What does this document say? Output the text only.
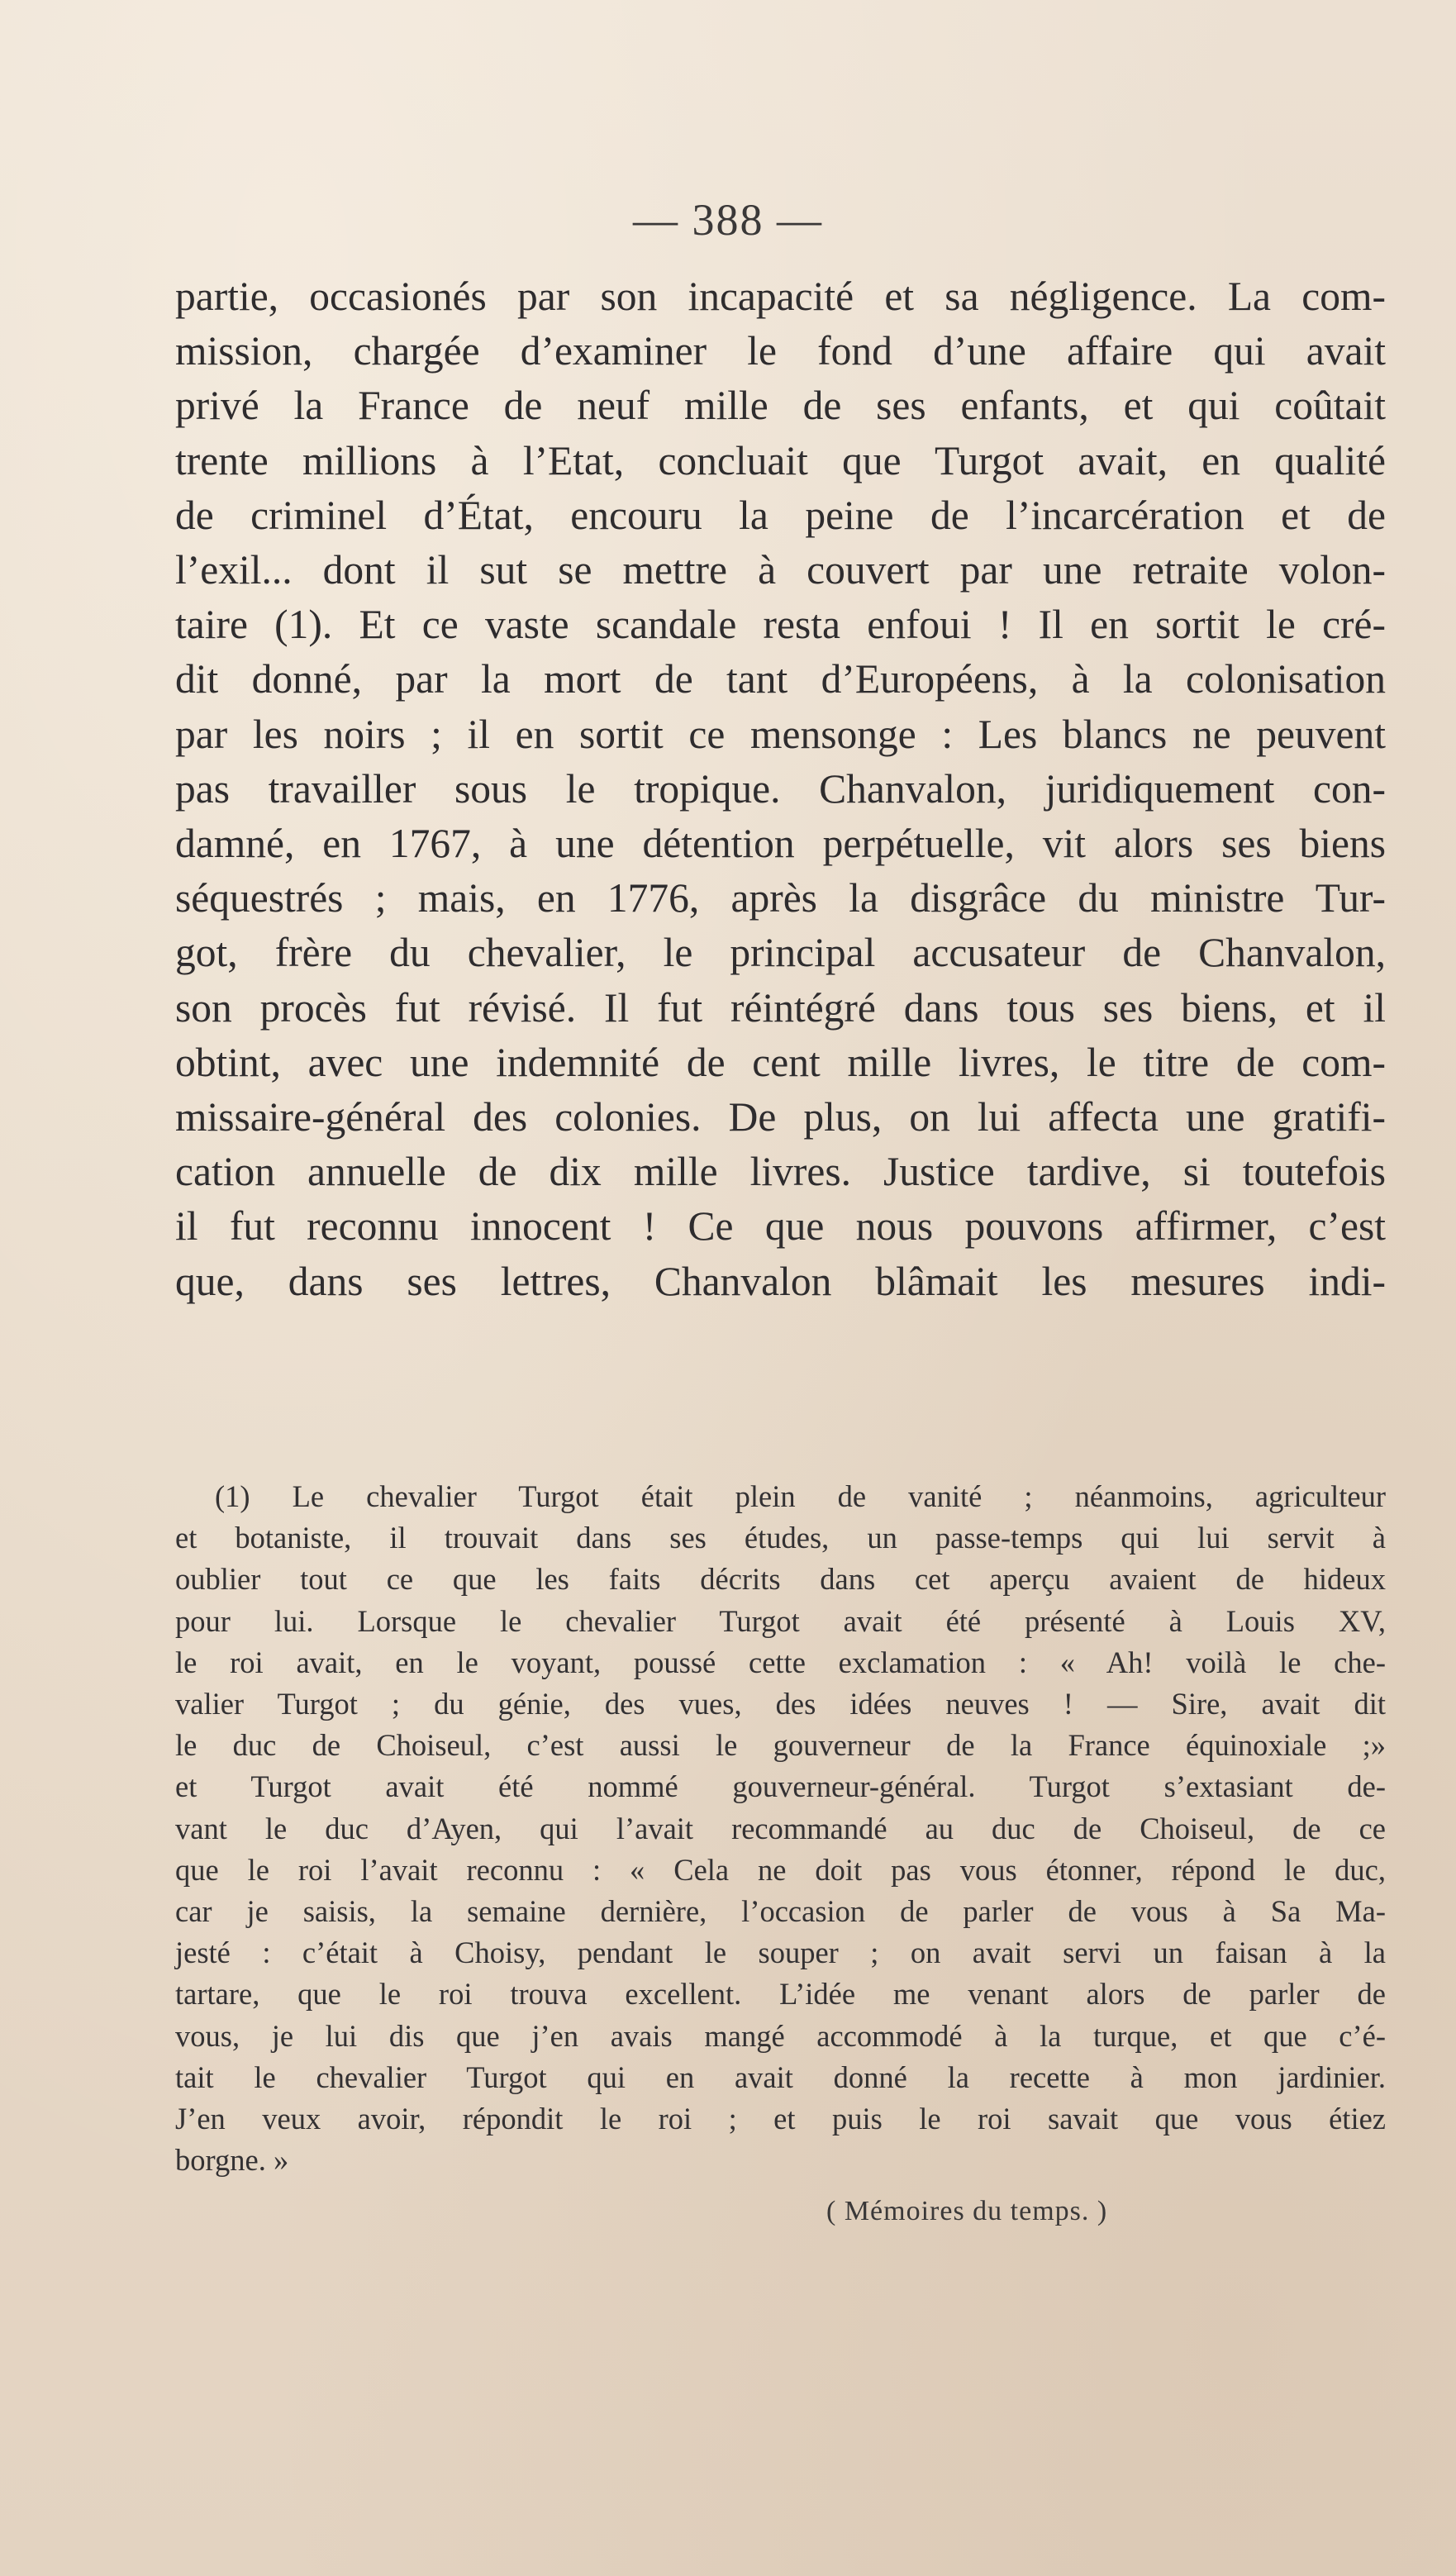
— 388 —
partie, occasionés par son incapacité et sa négligence. La com-
mission, chargée d’examiner le fond d’une affaire qui avait
privé la France de neuf mille de ses enfants, et qui coûtait
trente millions à l’Etat, concluait que Turgot avait, en qualité
de criminel d’État, encouru la peine de l’incarcération et de
l’exil... dont il sut se mettre à couvert par une retraite volon-
taire (1). Et ce vaste scandale resta enfoui ! Il en sortit le cré-
dit donné, par la mort de tant d’Européens, à la colonisation
par les noirs ; il en sortit ce mensonge : Les blancs ne peuvent
pas travailler sous le tropique. Chanvalon, juridiquement con-
damné, en 1767, à une détention perpétuelle, vit alors ses biens
séquestrés ; mais, en 1776, après la disgrâce du ministre Tur-
got, frère du chevalier, le principal accusateur de Chanvalon,
son procès fut révisé. Il fut réintégré dans tous ses biens, et il
obtint, avec une indemnité de cent mille livres, le titre de com-
missaire-général des colonies. De plus, on lui affecta une gratifi-
cation annuelle de dix mille livres. Justice tardive, si toutefois
il fut reconnu innocent ! Ce que nous pouvons affirmer, c’est
que, dans ses lettres, Chanvalon blâmait les mesures indi-
(1) Le chevalier Turgot était plein de vanité ; néanmoins, agriculteur
et botaniste, il trouvait dans ses études, un passe-temps qui lui servit à
oublier tout ce que les faits décrits dans cet aperçu avaient de hideux
pour lui. Lorsque le chevalier Turgot avait été présenté à Louis XV,
le roi avait, en le voyant, poussé cette exclamation : « Ah! voilà le che-
valier Turgot ; du génie, des vues, des idées neuves ! — Sire, avait dit
le duc de Choiseul, c’est aussi le gouverneur de la France équinoxiale ;»
et Turgot avait été nommé gouverneur-général. Turgot s’extasiant de-
vant le duc d’Ayen, qui l’avait recommandé au duc de Choiseul, de ce
que le roi l’avait reconnu : « Cela ne doit pas vous étonner, répond le duc,
car je saisis, la semaine dernière, l’occasion de parler de vous à Sa Ma-
jesté : c’était à Choisy, pendant le souper ; on avait servi un faisan à la
tartare, que le roi trouva excellent. L’idée me venant alors de parler de
vous, je lui dis que j’en avais mangé accommodé à la turque, et que c’é-
tait le chevalier Turgot qui en avait donné la recette à mon jardinier.
J’en veux avoir, répondit le roi ; et puis le roi savait que vous étiez
borgne. »
( Mémoires du temps. )
